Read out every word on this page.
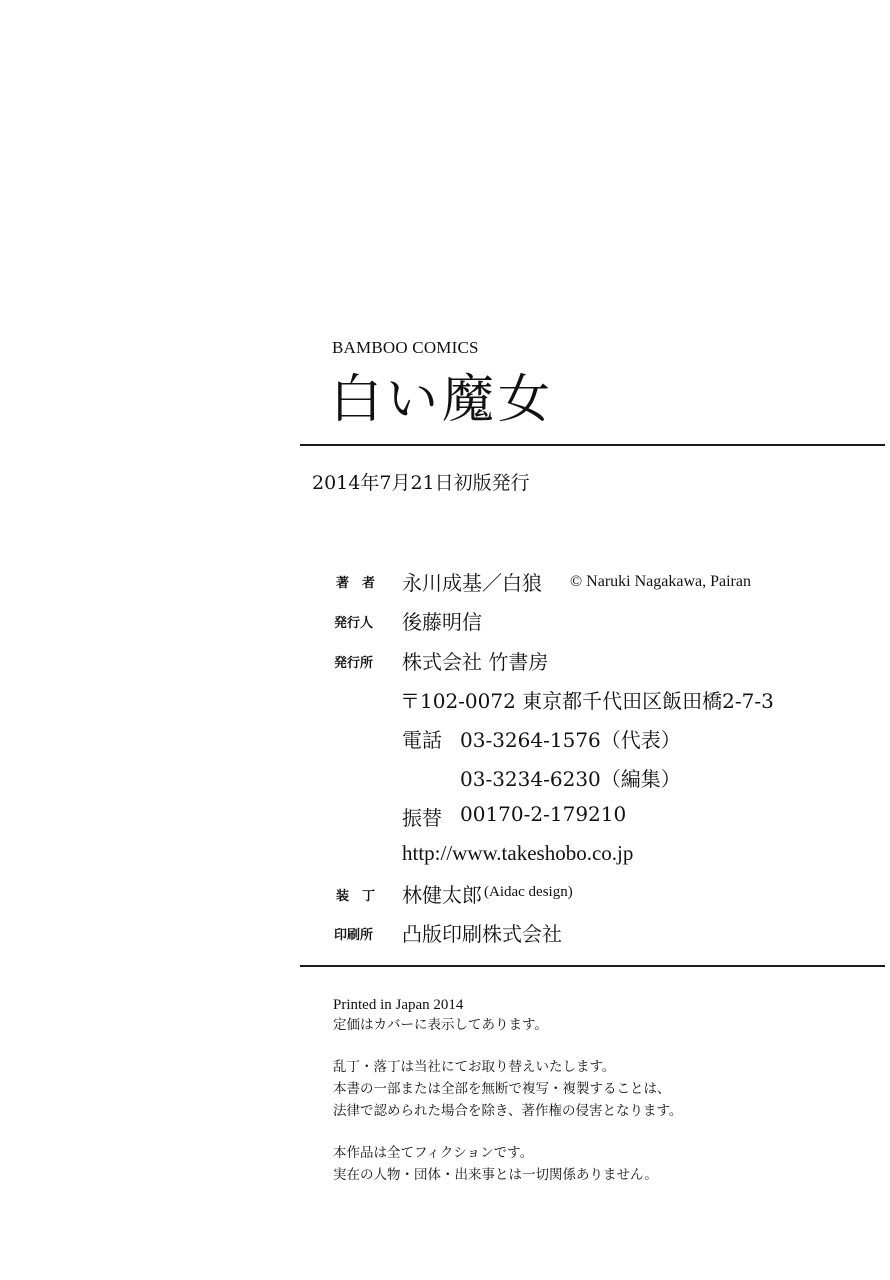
BAMBOO COMICS
白い魔女
2014年7月21日初版発行
著　者 永川成基／白狼 © Naruki Nagakawa, Pairan
発行人 後藤明信
発行所 株式会社 竹書房
〒102-0072 東京都千代田区飯田橋2-7-3
電話 03-3264-1576（代表）
03-3234-6230（編集）
振替 00170-2-179210
http://www.takeshobo.co.jp
装　丁 林健太郎 (Aidac design)
印刷所 凸版印刷株式会社
Printed in Japan 2014
定価はカバーに表示してあります。
乱丁・落丁は当社にてお取り替えいたします。
本書の一部または全部を無断で複写・複製することは、
法律で認められた場合を除き、著作権の侵害となります。
本作品は全てフィクションです。
実在の人物・団体・出来事とは一切関係ありません。
